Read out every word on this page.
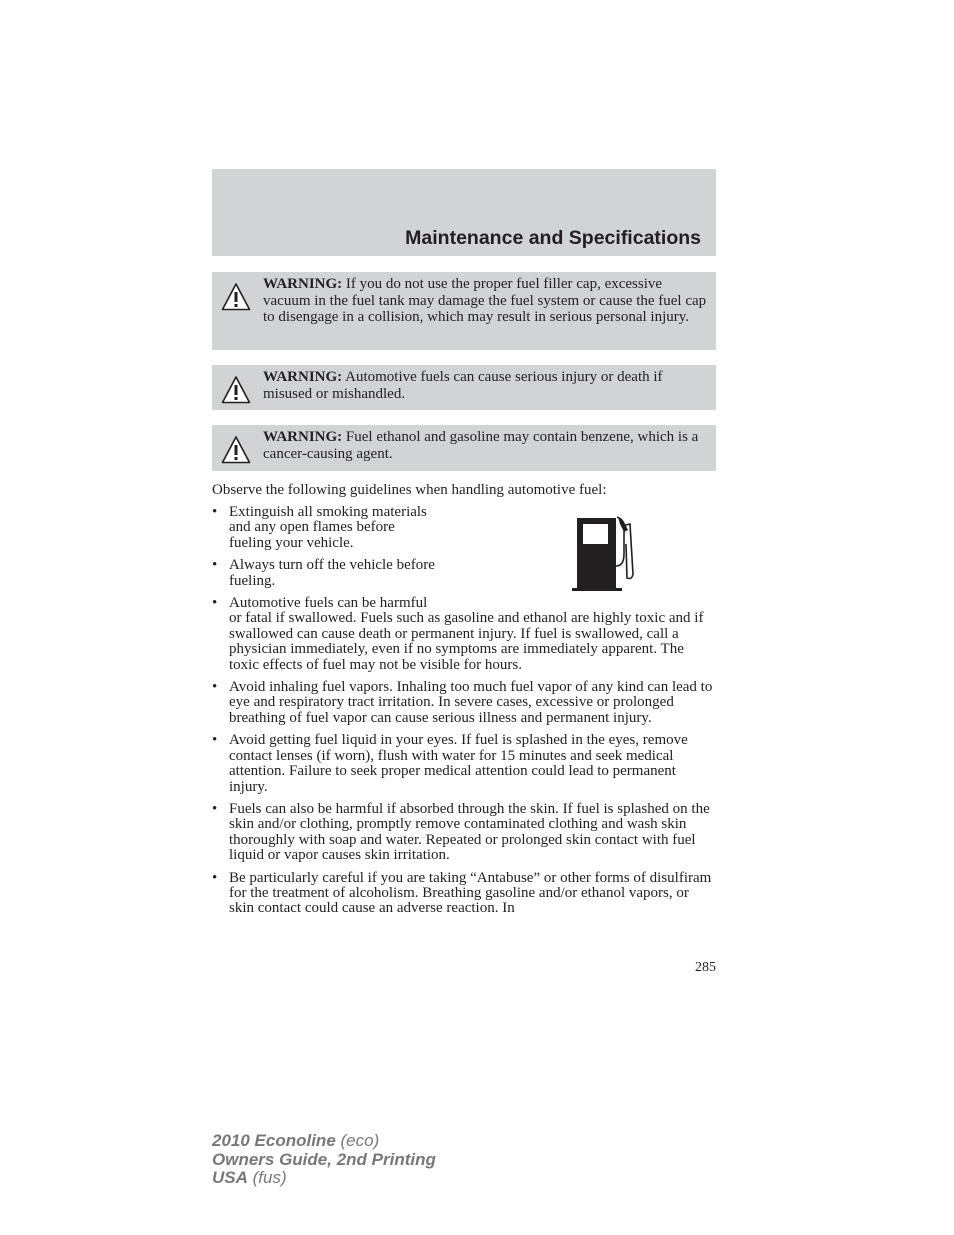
Maintenance and Specifications
WARNING: If you do not use the proper fuel filler cap, excessive vacuum in the fuel tank may damage the fuel system or cause the fuel cap to disengage in a collision, which may result in serious personal injury.
WARNING: Automotive fuels can cause serious injury or death if misused or mishandled.
WARNING: Fuel ethanol and gasoline may contain benzene, which is a cancer-causing agent.

Observe the following guidelines when handling automotive fuel:

• Extinguish all smoking materials
and any open flames before
fueling your vehicle.
• Always turn off the vehicle before
fueling.
• Automotive fuels can be harmful
or fatal if swallowed. Fuels such as gasoline and ethanol are highly toxic and if swallowed can cause death or permanent injury. If fuel is swallowed, call a physician immediately, even if no symptoms are immediately apparent. The toxic effects of fuel may not be visible for hours.
• Avoid inhaling fuel vapors. Inhaling too much fuel vapor of any kind can lead to eye and respiratory tract irritation. In severe cases, excessive or prolonged breathing of fuel vapor can cause serious illness and permanent injury.
• Avoid getting fuel liquid in your eyes. If fuel is splashed in the eyes, remove contact lenses (if worn), flush with water for 15 minutes and seek medical attention. Failure to seek proper medical attention could lead to permanent injury.
• Fuels can also be harmful if absorbed through the skin. If fuel is splashed on the skin and/or clothing, promptly remove contaminated clothing and wash skin thoroughly with soap and water. Repeated or prolonged skin contact with fuel liquid or vapor causes skin irritation.
• Be particularly careful if you are taking “Antabuse” or other forms of disulfiram for the treatment of alcoholism. Breathing gasoline and/or ethanol vapors, or skin contact could cause an adverse reaction. In

285

2010 Econoline (eco)
Owners Guide, 2nd Printing
USA (fus)
